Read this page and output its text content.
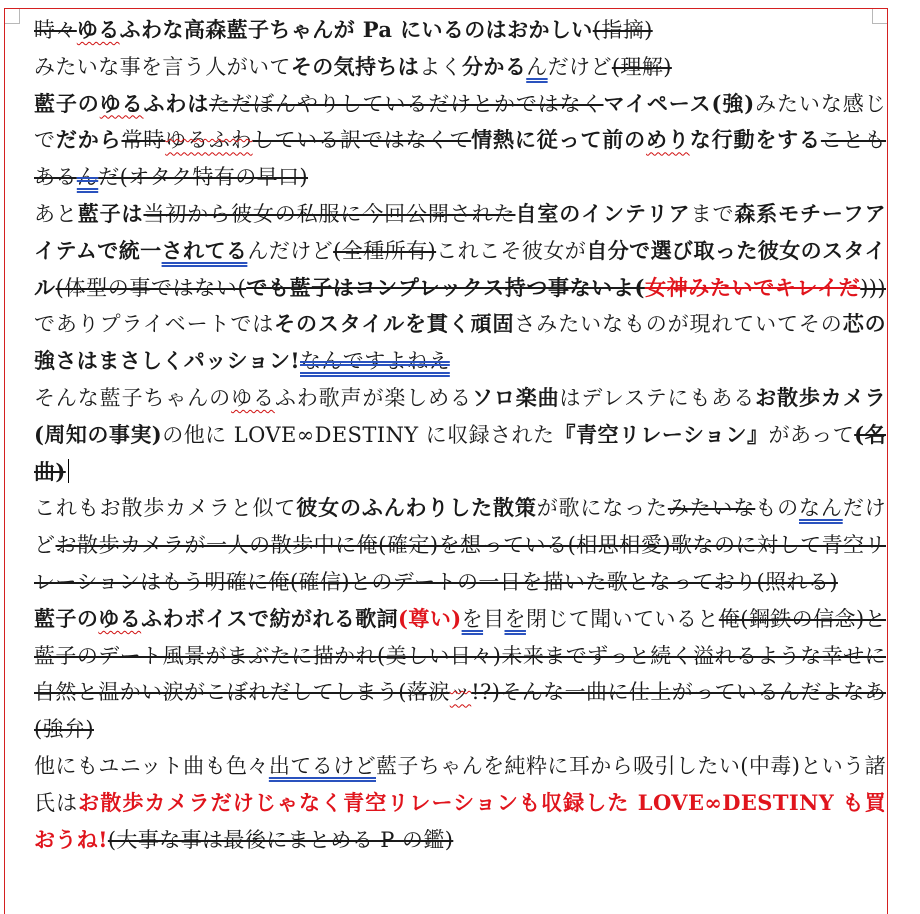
時々ゆるふわな高森藍子ちゃんが Pa にいるのはおかしい(指摘)

みたいな事を言う人がいてその気持ちはよく分かるんだけど(理解)

藍子のゆるふわはただぼんやりしているだけとかではなくマイペース(強)みたいな感じでだから常時ゆるふわしている訳ではなくて情熱に従って前のめりな行動をすることもあるんだ(オタク特有の早口)

あと藍子は当初から彼女の私服に今回公開された自室のインテリアまで森系モチーフアイテムで統一されてるんだけど(全種所有)これこそ彼女が自分で選び取った彼女のスタイル(体型の事ではない(でも藍子はコンプレックス持つ事ないよ(女神みたいでキレイだ)))でありプライベートではそのスタイルを貫く頑固さみたいなものが現れていてその芯の強さはまさしくパッション!なんですよねえ

そんな藍子ちゃんのゆるふわ歌声が楽しめるソロ楽曲はデレステにもあるお散歩カメラ(周知の事実)の他に LOVE∞DESTINY に収録された『青空リレーション』があって(名曲)

これもお散歩カメラと似て彼女のふんわりした散策が歌になったみたいなものなんだけどお散歩カメラが一人の散歩中に俺(確定)を想っている(相思相愛)歌なのに対して青空リレーションはもう明確に俺(確信)とのデートの一日を描いた歌となっており(照れる)

藍子のゆるふわボイスで紡がれる歌詞(尊い)を目を閉じて聞いていると俺(鋼鉄の信念)と藍子のデート風景がまぶたに描かれ(美しい日々)未来までずっと続く溢れるような幸せに自然と温かい涙がこぼれだしてしまう(落涙ッ!?)そんな一曲に仕上がっているんだよなあ(強弁)

他にもユニット曲も色々出てるけど藍子ちゃんを純粋に耳から吸引したい(中毒)という諸氏はお散歩カメラだけじゃなく青空リレーションも収録した LOVE∞DESTINY も買おうね!(大事な事は最後にまとめる P の鑑)
